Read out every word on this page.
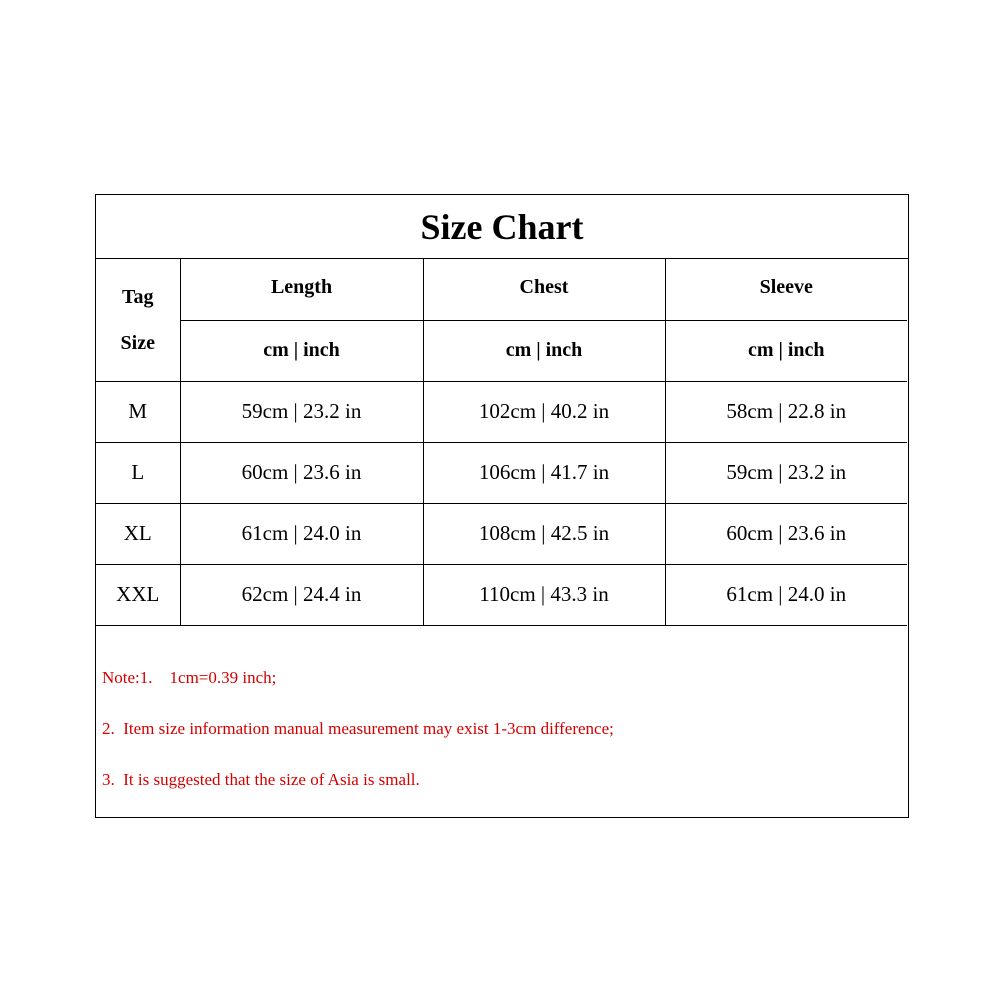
Size Chart
Tag
Size	Length	Chest	Sleeve
	cm | inch	cm | inch	cm | inch
M	59cm | 23.2 in	102cm | 40.2 in	58cm | 22.8 in
L	60cm | 23.6 in	106cm | 41.7 in	59cm | 23.2 in
XL	61cm | 24.0 in	108cm | 42.5 in	60cm | 23.6 in
XXL	62cm | 24.4 in	110cm | 43.3 in	61cm | 24.0 in
Note:1.    1cm=0.39 inch;
2.  Item size information manual measurement may exist 1-3cm difference;
3.  It is suggested that the size of Asia is small.
